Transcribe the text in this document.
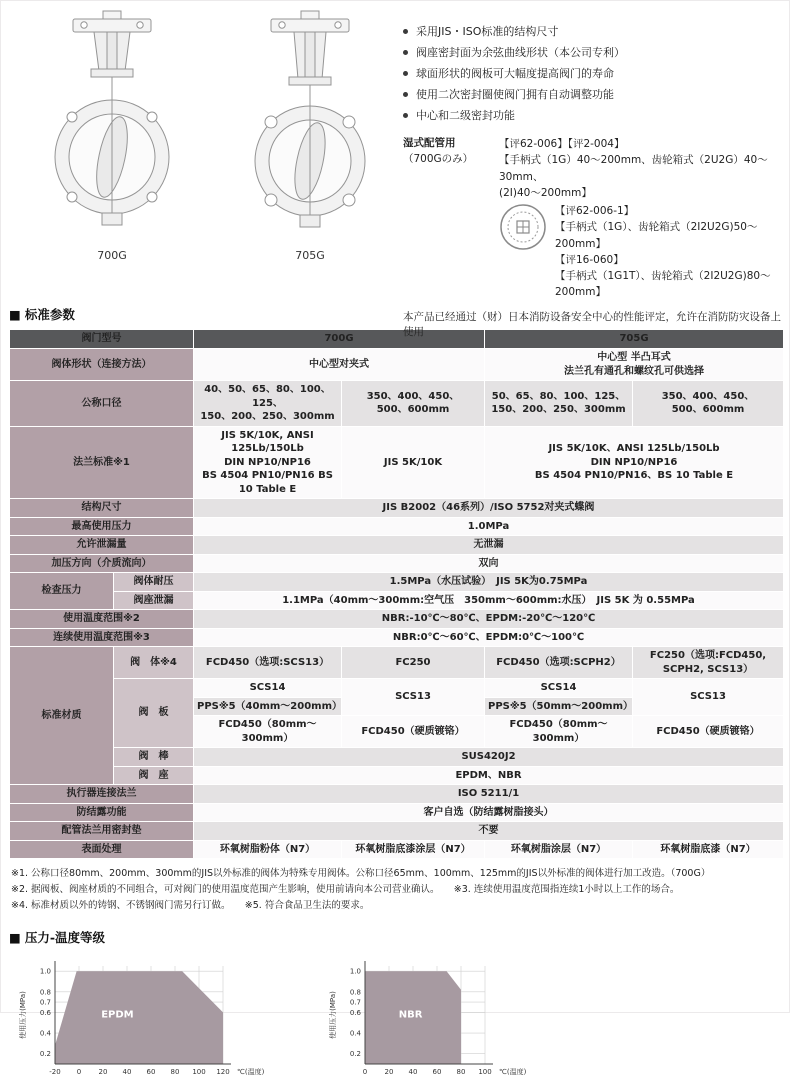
700G	705G
采用JIS・ISO标准的结构尺寸
阀座密封面为余弦曲线形状（本公司专利）
球面形状的阀板可大幅度提高阀门的寿命
使用二次密封圈使阀门拥有自动调整功能
中心和二级密封功能
湿式配管用
（700Gのみ）
【评62-006】【评2-004】
【手柄式（1G）40～200mm、齿轮箱式（2U2G）40～30mm、
(2I)40～200mm】
【评62-006-1】
【手柄式（1G）、齿轮箱式（2I2U2G)50～200mm】
【评16-060】
【手柄式（1G1T）、齿轮箱式（2I2U2G)80～200mm】
本产品已经通过（财）日本消防设备安全中心的性能评定，允许在消防防灾设备上使用
■ 标准参数
阀门型号		700G		705G	
阀体形状（连接方法）		中心型对夹式		中心型 半凸耳式
法兰孔有通孔和螺纹孔可供选择	
公称口径		40、50、65、80、100、125、
150、200、250、300mm	350、400、450、
500、600mm	50、65、80、100、125、
150、200、250、300mm	350、400、450、
500、600mm
法兰标准※1		JIS 5K/10K, ANSI 125Lb/150Lb
DIN NP10/NP16
BS 4504 PN10/PN16 BS 10 Table E	JIS 5K/10K	JIS 5K/10K、ANSI 125Lb/150Lb
DIN NP10/NP16
BS 4504 PN10/PN16、BS 10 Table E	
结构尺寸		JIS B2002（46系列）/ISO 5752对夹式蝶阀			
最高使用压力		1.0MPa			
允许泄漏量		无泄漏			
加压方向（介质流向）		双向			
检查压力	阀体耐压	1.5MPa（水压试验）　JIS 5K为0.75MPa			
	阀座泄漏	1.1MPa（40mm～300mm:空气压　350mm～600mm:水压）　JIS 5K 为 0.55MPa			
使用温度范围※2		NBR:-10℃～80℃、EPDM:-20℃～120℃			
连续使用温度范围※3		NBR:0℃～60℃、EPDM:0℃～100℃			
标准材质	阀　体※4	FCD450（选项:SCS13）	FC250	FCD450（选项:SCPH2）	FC250（选项:FCD450, SCPH2, SCS13）
	阀　板	SCS14	SCS13	SCS14	SCS13
		PPS※5（40mm～200mm）		PPS※5（50mm～200mm）	
		FCD450（80mm～300mm）	FCD450（硬质镀铬）	FCD450（80mm～300mm）	FCD450（硬质镀铬）
	阀　棒	SUS420J2			
	阀　座	EPDM、NBR			
执行器连接法兰		ISO 5211/1			
防结露功能		客户自选（防结露树脂接头）			
配管法兰用密封垫		不要			
表面处理		环氧树脂粉体（N7）	环氧树脂底漆涂层（N7）	环氧树脂涂层（N7）	环氧树脂底漆（N7）
※1. 公称口径80mm、200mm、300mm的JIS以外标准的阀体为特殊专用阀体。公称口径65mm、100mm、125mm的JIS以外标准的阀体进行加工改造。（700G）
※2. 据阀板、阀座材质的不同组合，可对阀门的使用温度范围产生影响，使用前请向本公司营业确认。　　※3. 连续使用温度范围指连续1小时以上工作的场合。
※4. 标准材质以外的铸钢、不锈钢阀门需另行订做。　　※5. 符合食品卫生法的要求。
■ 压力-温度等级
0.2
0.4
0.6
0.7
0.8
1.0
-20 0 20 40 60 80 100 120 ℃(温度)
使用压力(MPa)	EPDM
0.2
0.4
0.6
0.7
0.8
1.0
0 20 40 60 80 100 ℃(温度)
使用压力(MPa)	NBR
